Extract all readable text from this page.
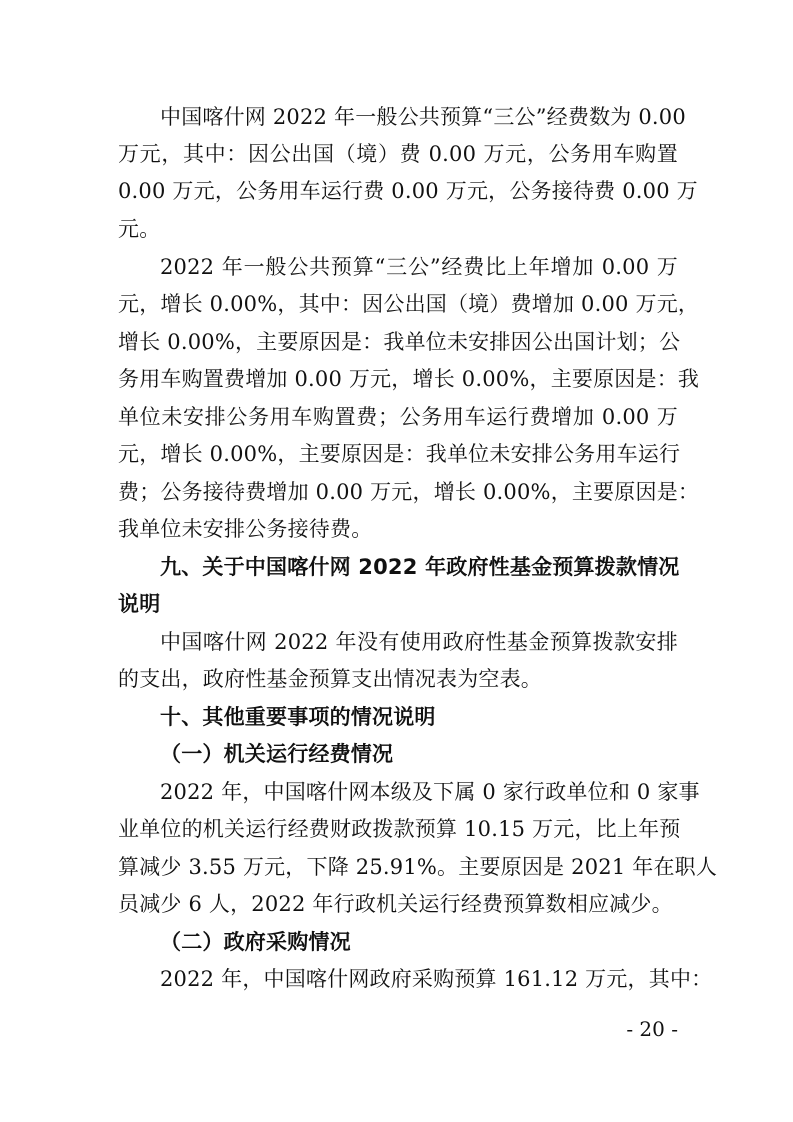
中国喀什网 2022 年一般公共预算“三公”经费数为 0.00

万元，其中：因公出国（境）费 0.00 万元，公务用车购置

0.00 万元，公务用车运行费 0.00 万元，公务接待费 0.00 万

元。

2022 年一般公共预算“三公”经费比上年增加 0.00 万

元，增长 0.00%，其中：因公出国（境）费增加 0.00 万元，

增长 0.00%，主要原因是：我单位未安排因公出国计划；公

务用车购置费增加 0.00 万元，增长 0.00%，主要原因是：我

单位未安排公务用车购置费；公务用车运行费增加 0.00 万

元，增长 0.00%，主要原因是：我单位未安排公务用车运行

费；公务接待费增加 0.00 万元，增长 0.00%，主要原因是：

我单位未安排公务接待费。

九、关于中国喀什网 2022 年政府性基金预算拨款情况

说明

中国喀什网 2022 年没有使用政府性基金预算拨款安排

的支出，政府性基金预算支出情况表为空表。

十、其他重要事项的情况说明

（一）机关运行经费情况

2022 年，中国喀什网本级及下属 0 家行政单位和 0 家事

业单位的机关运行经费财政拨款预算 10.15 万元，比上年预

算减少 3.55 万元，下降 25.91%。主要原因是 2021 年在职人

员减少 6 人，2022 年行政机关运行经费预算数相应减少。

（二）政府采购情况

2022 年，中国喀什网政府采购预算 161.12 万元，其中：

- 20 -
